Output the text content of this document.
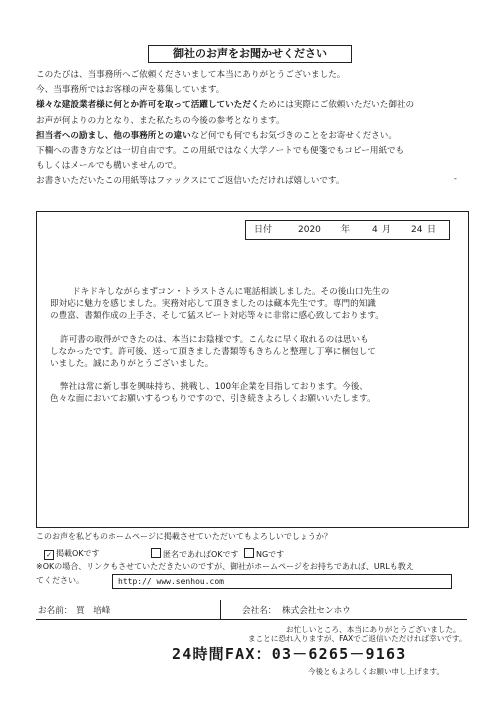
御社のお声をお聞かせください
このたびは、当事務所へご依頼くださいまして本当にありがとうございました。
今、当事務所ではお客様の声を募集しています。
様々な建設業者様に何とか許可を取って活躍していただくためには実際にご依頼いただいた御社の
お声が何よりの力となり、また私たちの今後の参考となります。
担当者への励まし、他の事務所との違いなど何でも何でもお気づきのことをお寄せください。
下欄への書き方などは一切自由です。この用紙ではなく大学ノートでも便箋でもコピー用紙でも
もしくはメールでも構いませんので。
お書きいただいたこの用紙等はファックスにてご返信いただければ嬉しいです。	-
日付	2020 年 4 月 24 日
ドキドキしながらまずコン・トラストさんに電話相談しました。その後山口先生の
即対応に魅力を感じました。実務対応して頂きましたのは藏本先生です。専門的知識
の豊富、書類作成の上手さ、そして猛スピート対応等々に非常に感心致しております。
許可書の取得ができたのは、本当にお陰様です。こんなに早く取れるのは思いも
しなかったです。許可後、送って頂きました書類等もきちんと整理し丁寧に梱包して
いました。誠にありがとうございました。
弊社は常に新し事を興味持ち、挑戦し、100年企業を目指しております。今後、
色々な面においてお願いするつもりですので、引き続きよろしくお願いいたします。
このお声を私どものホームページに掲載させていただいてもよろしいでしょうか？
✓ 掲載OKです	匿名であればOKです	NGです
※OKの場合、リンクもさせていただきたいのですが、御社がホームページをお持ちであれば、URLも教え
てください。	http:// www.senhou.com
お名前： 買　培峰	会社名： 株式会社センホウ
お忙しいところ、本当にありがとうございました。
まことに恐れ入りますが、FAXでご返信いただければ幸いです。
24時間FAX：03－6265－9163
今後ともよろしくお願い申し上げます。
